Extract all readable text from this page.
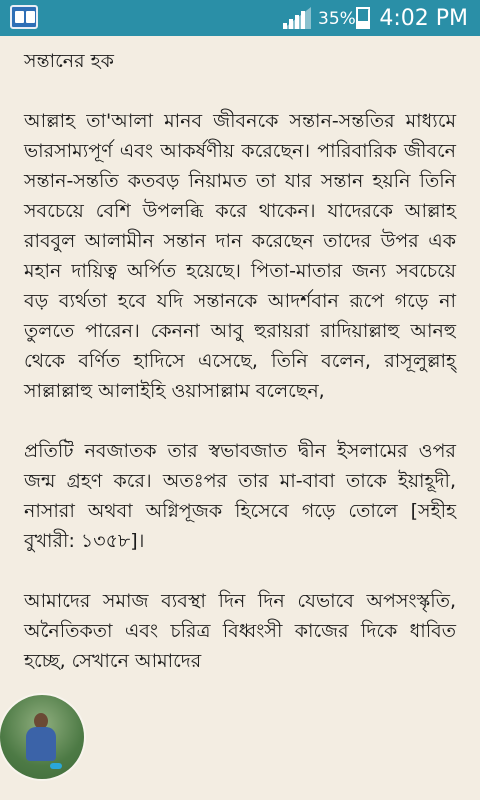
35% ⚡ 4:02 PM
সন্তানের হক

আল্লাহ তা'আলা মানব জীবনকে সন্তান-সন্ততির মাধ্যমে ভারসাম্যপূর্ণ এবং আকর্ষণীয় করেছেন। পারিবারিক জীবনে সন্তান-সন্ততি কতবড় নিয়ামত তা যার সন্তান হয়নি তিনি সবচেয়ে বেশি উপলব্ধি করে থাকেন। যাদেরকে আল্লাহ রাববুল আলামীন সন্তান দান করেছেন তাদের উপর এক মহান দায়িত্ব অর্পিত হয়েছে। পিতা-মাতার জন্য সবচেয়ে বড় ব্যর্থতা হবে যদি সন্তানকে আদর্শবান রূপে গড়ে না তুলতে পারেন। কেননা আবু হুরায়রা রাদিয়াল্লাহু আনহু থেকে বর্ণিত হাদিসে এসেছে, তিনি বলেন, রাসূলুল্লাহ্ সাল্লাল্লাহু আলাইহি ওয়াসাল্লাম বলেছেন,

প্রতিটি নবজাতক তার স্বভাবজাত দ্বীন ইসলামের ওপর জন্ম গ্রহণ করে। অতঃপর তার মা-বাবা তাকে ইয়াহূদী, নাসারা অথবা অগ্নিপূজক হিসেবে গড়ে তোলে [সহীহ বুখারী: ১৩৫৮]।

আমাদের সমাজ ব্যবস্থা দিন দিন যেভাবে অপসংস্কৃতি, অনৈতিকতা এবং চরিত্র বিধ্বংসী কাজের দিকে ধাবিত হচ্ছে, সেখানে আমাদের
